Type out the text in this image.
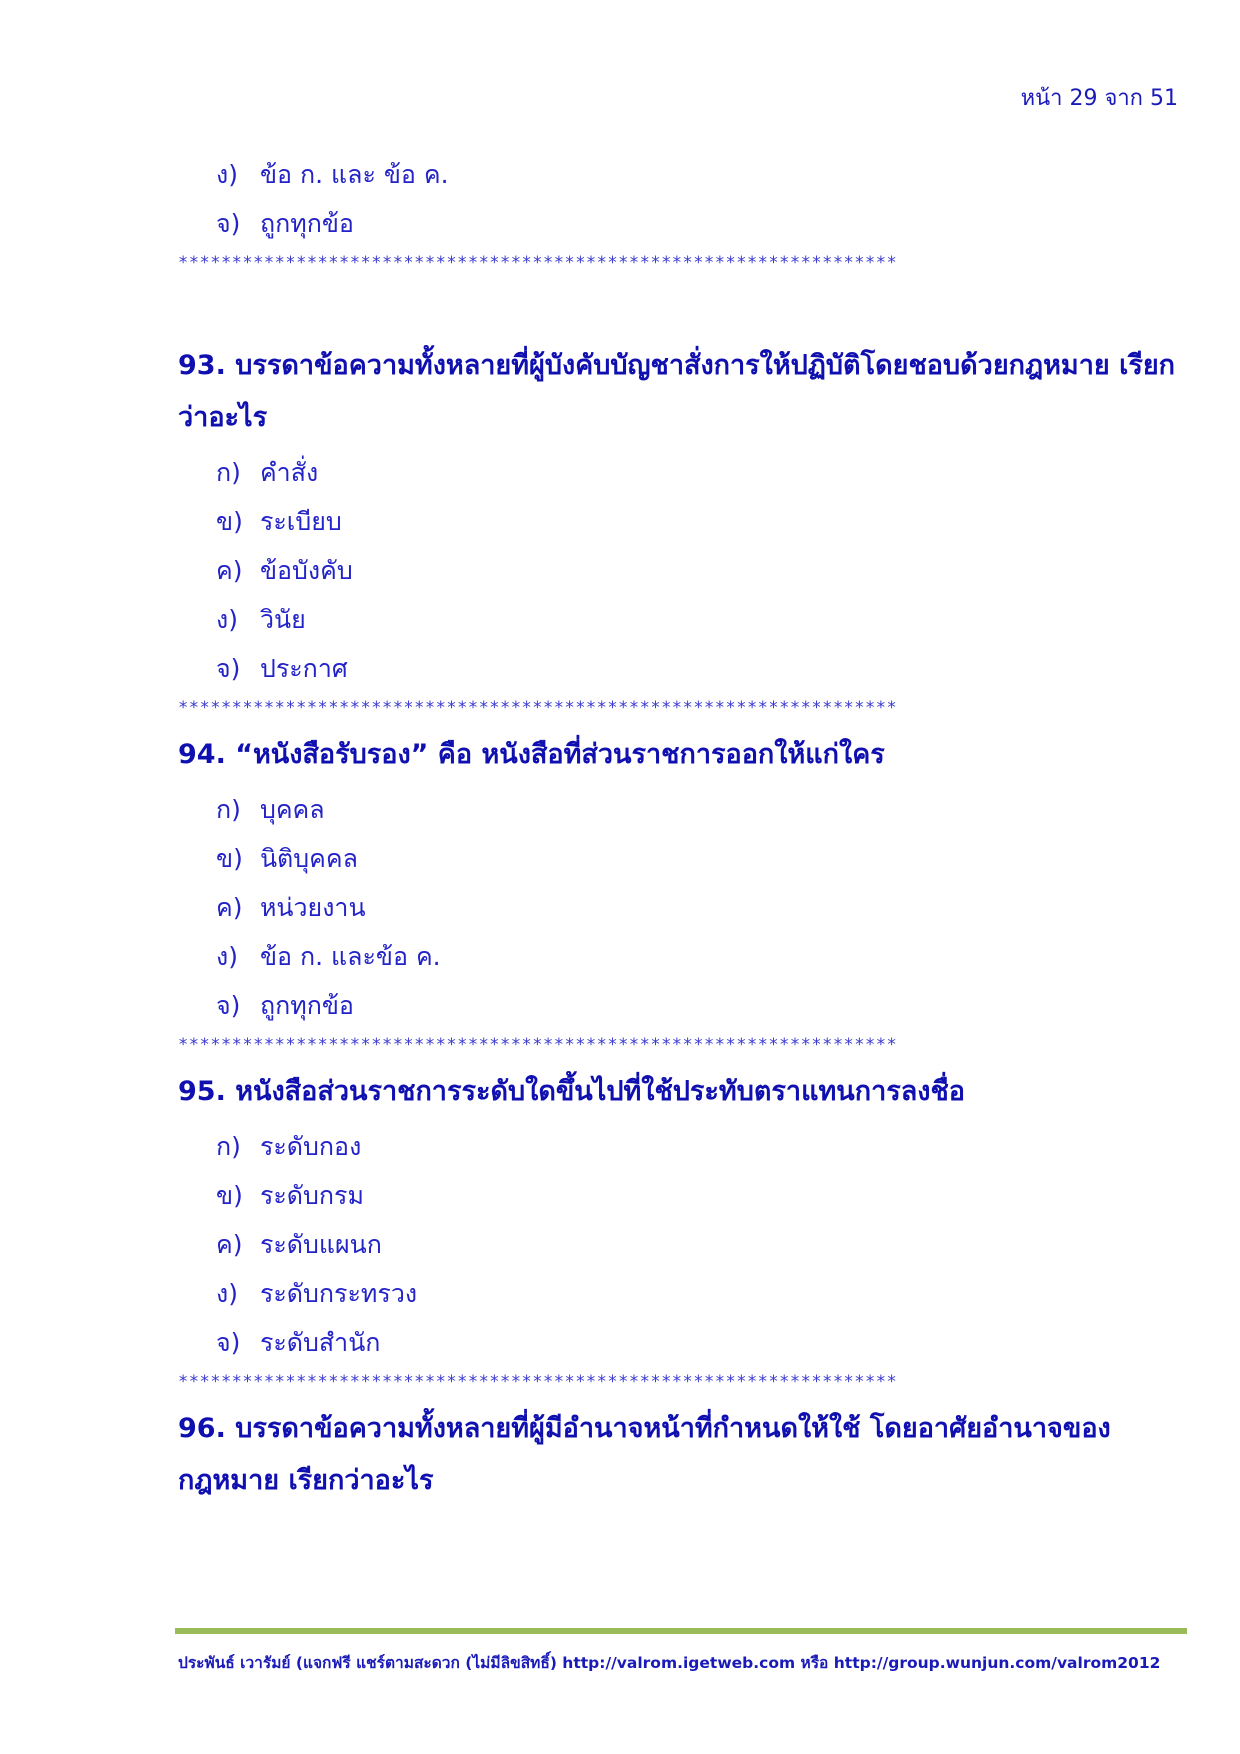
หน้า 29 จาก 51
ง) ข้อ ก. และ ข้อ ค.
จ) ถูกทุกข้อ
*******************************************************************
93. บรรดาข้อความทั้งหลายที่ผู้บังคับบัญชาสั่งการให้ปฏิบัติโดยชอบด้วยกฎหมาย เรียกว่าอะไร
ก) คำสั่ง
ข) ระเบียบ
ค) ข้อบังคับ
ง) วินัย
จ) ประกาศ
*******************************************************************
94. “หนังสือรับรอง” คือ หนังสือที่ส่วนราชการออกให้แก่ใคร
ก) บุคคล
ข) นิติบุคคล
ค) หน่วยงาน
ง) ข้อ ก. และข้อ ค.
จ) ถูกทุกข้อ
*******************************************************************
95. หนังสือส่วนราชการระดับใดขึ้นไปที่ใช้ประทับตราแทนการลงชื่อ
ก) ระดับกอง
ข) ระดับกรม
ค) ระดับแผนก
ง) ระดับกระทรวง
จ) ระดับสำนัก
*******************************************************************
96. บรรดาข้อความทั้งหลายที่ผู้มีอำนาจหน้าที่กำหนดให้ใช้ โดยอาศัยอำนาจของกฎหมาย เรียกว่าอะไร
ประพันธ์ เวารัมย์ (แจกฟรี แชร์ตามสะดวก (ไม่มีลิขสิทธิ์) http://valrom.igetweb.com หรือ http://group.wunjun.com/valrom2012
